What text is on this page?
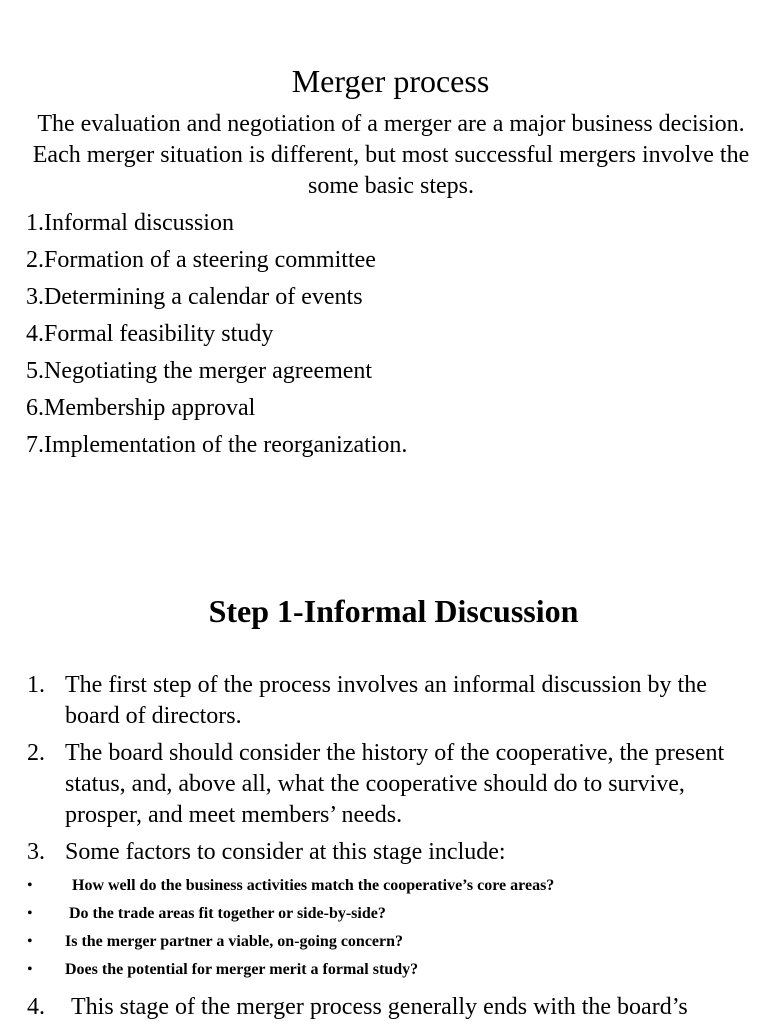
Merger process
The evaluation and negotiation of a merger are a major business decision. Each merger situation is different, but most successful mergers involve the some basic steps.
1.Informal discussion
2.Formation of a steering committee
3.Determining a calendar of events
4.Formal feasibility study
5.Negotiating the merger agreement
6.Membership approval
7.Implementation of the reorganization.
Step 1-Informal Discussion
1. The first step of the process involves an informal discussion by the board of directors.
2. The board should consider the history of the cooperative, the present status, and, above all, what the cooperative should do to survive, prosper, and meet members’ needs.
3. Some factors to consider at this stage include:
• How well do the business activities match the cooperative’s core areas?
• Do the trade areas fit together or side-by-side?
• Is the merger partner a viable, on-going concern?
• Does the potential for merger merit a formal study?
4. This stage of the merger process generally ends with the board’s
